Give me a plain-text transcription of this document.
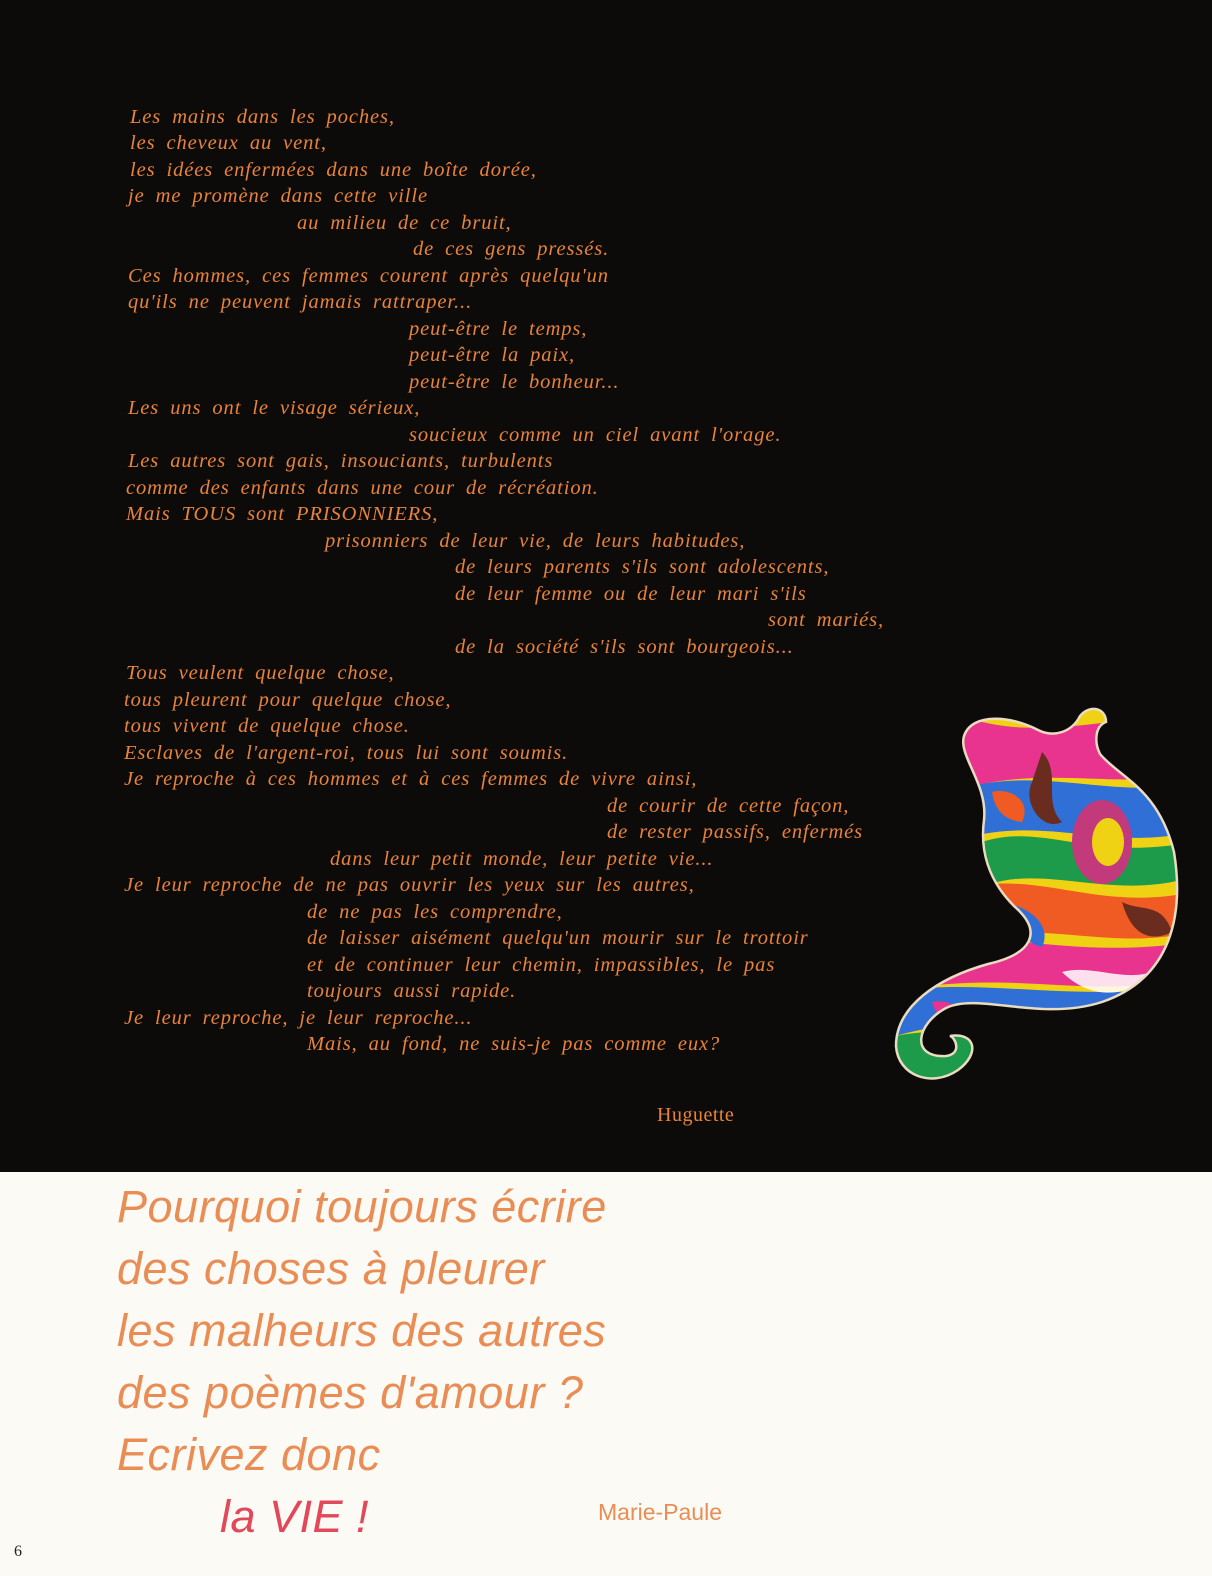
Les mains dans les poches,
les cheveux au vent,
les idées enfermées dans une boîte dorée,
je me promène dans cette ville
au milieu de ce bruit,
de ces gens pressés.
Ces hommes, ces femmes courent après quelqu'un
qu'ils ne peuvent jamais rattraper...
peut-être le temps,
peut-être la paix,
peut-être le bonheur...
Les uns ont le visage sérieux,
soucieux comme un ciel avant l'orage.
Les autres sont gais, insouciants, turbulents
comme des enfants dans une cour de récréation.
Mais TOUS sont PRISONNIERS,
prisonniers de leur vie, de leurs habitudes,
de leurs parents s'ils sont adolescents,
de leur femme ou de leur mari s'ils
sont mariés,
de la société s'ils sont bourgeois...
Tous veulent quelque chose,
tous pleurent pour quelque chose,
tous vivent de quelque chose.
Esclaves de l'argent-roi, tous lui sont soumis.
Je reproche à ces hommes et à ces femmes de vivre ainsi,
de courir de cette façon,
de rester passifs, enfermés
dans leur petit monde, leur petite vie...
Je leur reproche de ne pas ouvrir les yeux sur les autres,
de ne pas les comprendre,
de laisser aisément quelqu'un mourir sur le trottoir
et de continuer leur chemin, impassibles, le pas
toujours aussi rapide.
Je leur reproche, je leur reproche...
Mais, au fond, ne suis-je pas comme eux?
Huguette
Pourquoi toujours écrire
des choses à pleurer
les malheurs des autres
des poèmes d'amour ?
Ecrivez donc
la VIE !	Marie-Paule
6
